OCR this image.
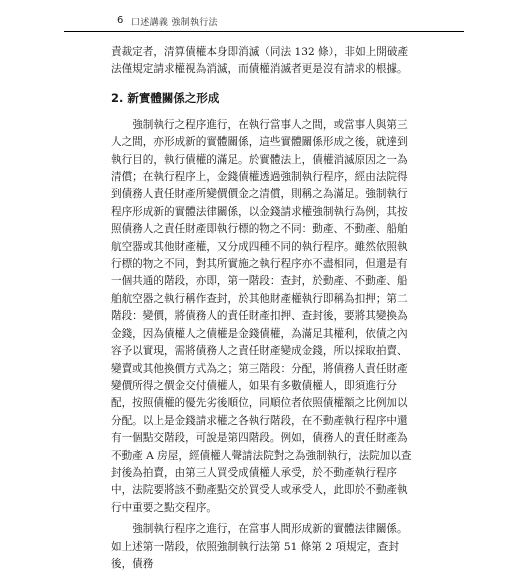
6 口述講義 強制執行法

責裁定者，清算債權本身即消滅（同法 132 條），非如上開破產法僅規定請求權視為消滅，而債權消滅者更是沒有請求的根據。

2. 新實體關係之形成

強制執行之程序進行，在執行當事人之間，或當事人與第三人之間，亦形成新的實體關係，這些實體關係形成之後，就達到執行目的，執行債權的滿足。於實體法上，債權消滅原因之一為清償；在執行程序上，金錢債權透過強制執行程序，經由法院得到債務人責任財產所變價價金之清償，則稱之為滿足。強制執行程序形成新的實體法律關係，以金錢請求權強制執行為例，其按照債務人之責任財產即執行標的物之不同：動產、不動產、船舶航空器或其他財產權，又分成四種不同的執行程序。雖然依照執行標的物之不同，對其所實施之執行程序亦不盡相同，但還是有一個共通的階段，亦即，第一階段：查封，於動產、不動產、船舶航空器之執行稱作查封，於其他財產權執行即稱為扣押；第二階段：變價，將債務人的責任財產扣押、查封後，要將其變換為金錢，因為債權人之債權是金錢債權，為滿足其權利，依債之內容予以實現，需將債務人之責任財產變成金錢，所以採取拍賣、變賣或其他換價方式為之；第三階段：分配，將債務人責任財產變價所得之價金交付債權人，如果有多數債權人，即須進行分配，按照債權的優先劣後順位，同順位者依照債權額之比例加以分配。以上是金錢請求權之各執行階段，在不動產執行程序中還有一個點交階段，可說是第四階段。例如，債務人的責任財產為不動產 A 房屋，經債權人聲請法院對之為強制執行，法院加以查封後為拍賣，由第三人買受成債權人承受，於不動產執行程序中，法院要將該不動產點交於買受人或承受人，此即於不動產執行中重要之點交程序。

強制執行程序之進行，在當事人間形成新的實體法律關係。如上述第一階段，依照強制執行法第 51 條第 2 項規定，查封後，債務
